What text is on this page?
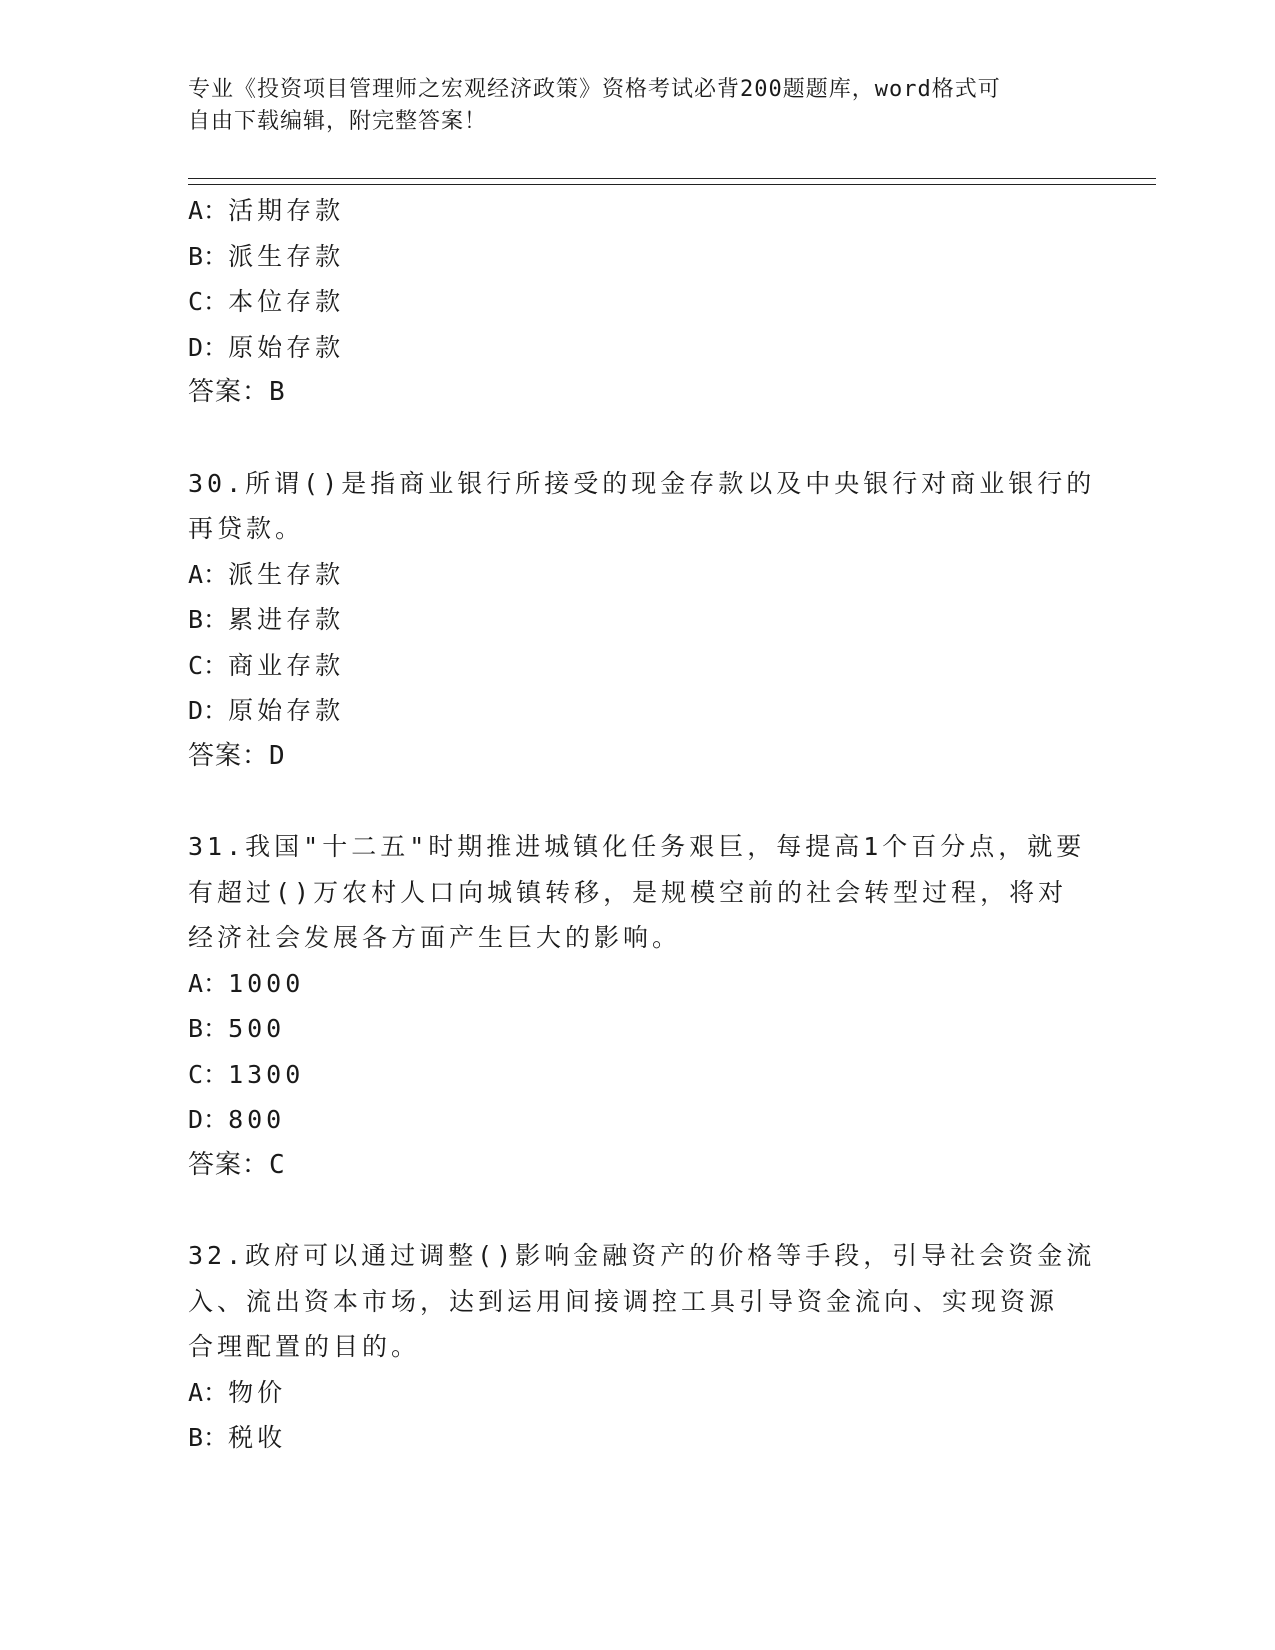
专业《投资项目管理师之宏观经济政策》资格考试必背200题题库，word格式可
自由下载编辑，附完整答案！
A：活期存款
B：派生存款
C：本位存款
D：原始存款
答案：B
30.所谓()是指商业银行所接受的现金存款以及中央银行对商业银行的
再贷款。
A：派生存款
B：累进存款
C：商业存款
D：原始存款
答案：D
31.我国"十二五"时期推进城镇化任务艰巨，每提高1个百分点，就要
有超过()万农村人口向城镇转移，是规模空前的社会转型过程，将对
经济社会发展各方面产生巨大的影响。
A：1000
B：500
C：1300
D：800
答案：C
32.政府可以通过调整()影响金融资产的价格等手段，引导社会资金流
入、流出资本市场，达到运用间接调控工具引导资金流向、实现资源
合理配置的目的。
A：物价
B：税收
